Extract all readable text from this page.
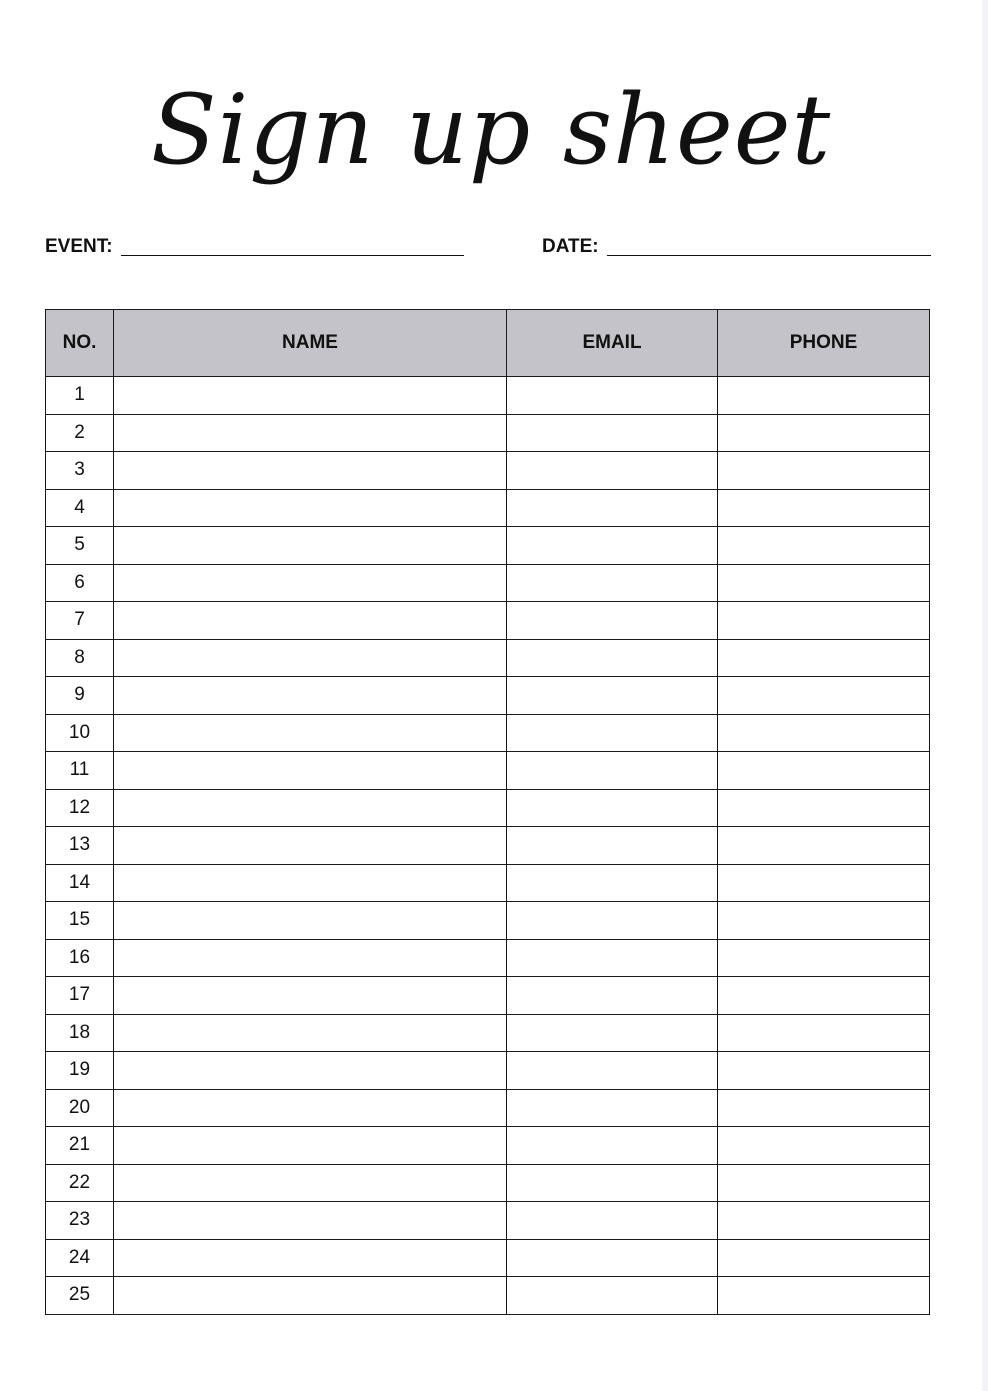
Sign up sheet
EVENT:	DATE:
NO.	NAME	EMAIL	PHONE
1			
2			
3			
4			
5			
6			
7			
8			
9			
10			
11			
12			
13			
14			
15			
16			
17			
18			
19			
20			
21			
22			
23			
24			
25			
